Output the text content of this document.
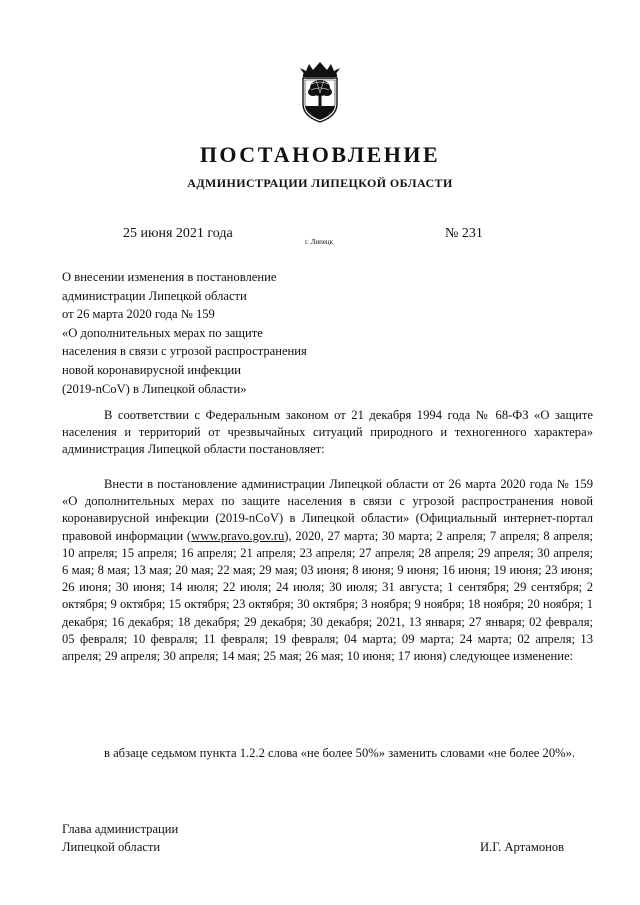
ПОСТАНОВЛЕНИЕ
АДМИНИСТРАЦИИ ЛИПЕЦКОЙ ОБЛАСТИ
25 июня 2021 года
г. Липецк
№ 231
О внесении изменения в постановление
администрации Липецкой области
от 26 марта 2020 года № 159
«О дополнительных мерах по защите
населения в связи с угрозой распространения
новой коронавирусной инфекции
(2019-nCoV) в Липецкой области»

В соответствии с Федеральным законом от 21 декабря 1994 года № 68-ФЗ «О защите населения и территорий от чрезвычайных ситуаций природного и техногенного характера» администрация Липецкой области постановляет:

Внести в постановление администрации Липецкой области от 26 марта 2020 года № 159 «О дополнительных мерах по защите населения в связи с угрозой распространения новой коронавирусной инфекции (2019-nCoV) в Липецкой области» (Официальный интернет-портал правовой информации (www.pravo.gov.ru), 2020, 27 марта; 30 марта; 2 апреля; 7 апреля; 8 апреля; 10 апреля; 15 апреля; 16 апреля; 21 апреля; 23 апреля; 27 апреля; 28 апреля; 29 апреля; 30 апреля; 6 мая; 8 мая; 13 мая; 20 мая; 22 мая; 29 мая; 03 июня; 8 июня; 9 июня; 16 июня; 19 июня; 23 июня; 26 июня; 30 июня; 14 июля; 22 июля; 24 июля; 30 июля; 31 августа; 1 сентября; 29 сентября; 2 октября; 9 октября; 15 октября; 23 октября; 30 октября; 3 ноября; 9 ноября; 18 ноября; 20 ноября; 1 декабря; 16 декабря; 18 декабря; 29 декабря; 30 декабря; 2021, 13 января; 27 января; 02 февраля; 05 февраля; 10 февраля; 11 февраля; 19 февраля; 04 марта; 09 марта; 24 марта; 02 апреля; 13 апреля; 29 апреля; 30 апреля; 14 мая; 25 мая; 26 мая; 10 июня; 17 июня) следующее изменение:

в абзаце седьмом пункта 1.2.2 слова «не более 50%» заменить словами «не более 20%».

Глава администрации
Липецкой области	И.Г. Артамонов
